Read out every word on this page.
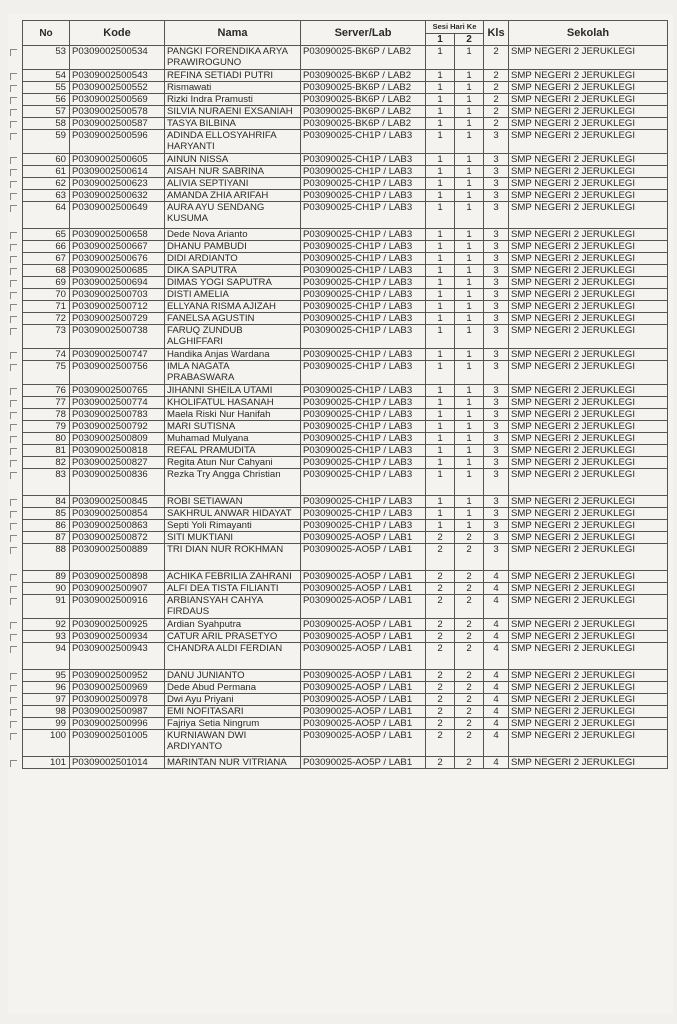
No	Kode	Nama	Server/Lab	Sesi Hari Ke		Kls	Sekolah
				1	2		
53	P0309002500534	PANGKI FORENDIKA ARYA PRAWIROGUNO	P03090025-BK6P / LAB2	1	1	2	SMP NEGERI 2 JERUKLEGI
54	P0309002500543	REFINA SETIADI PUTRI	P03090025-BK6P / LAB2	1	1	2	SMP NEGERI 2 JERUKLEGI
55	P0309002500552	Rismawati	P03090025-BK6P / LAB2	1	1	2	SMP NEGERI 2 JERUKLEGI
56	P0309002500569	Rizki Indra Pramusti	P03090025-BK6P / LAB2	1	1	2	SMP NEGERI 2 JERUKLEGI
57	P0309002500578	SILVIA NURAENI EXSANIAH	P03090025-BK6P / LAB2	1	1	2	SMP NEGERI 2 JERUKLEGI
58	P0309002500587	TASYA BILBINA	P03090025-BK6P / LAB2	1	1	2	SMP NEGERI 2 JERUKLEGI
59	P0309002500596	ADINDA ELLOSYAHRIFA HARYANTI	P03090025-CH1P / LAB3	1	1	3	SMP NEGERI 2 JERUKLEGI
60	P0309002500605	AINUN NISSA	P03090025-CH1P / LAB3	1	1	3	SMP NEGERI 2 JERUKLEGI
61	P0309002500614	AISAH NUR SABRINA	P03090025-CH1P / LAB3	1	1	3	SMP NEGERI 2 JERUKLEGI
62	P0309002500623	ALIVIA SEPTIYANI	P03090025-CH1P / LAB3	1	1	3	SMP NEGERI 2 JERUKLEGI
63	P0309002500632	AMANDA ZHIA ARIFAH	P03090025-CH1P / LAB3	1	1	3	SMP NEGERI 2 JERUKLEGI
64	P0309002500649	AURA AYU SENDANG KUSUMA	P03090025-CH1P / LAB3	1	1	3	SMP NEGERI 2 JERUKLEGI
65	P0309002500658	Dede Nova Arianto	P03090025-CH1P / LAB3	1	1	3	SMP NEGERI 2 JERUKLEGI
66	P0309002500667	DHANU PAMBUDI	P03090025-CH1P / LAB3	1	1	3	SMP NEGERI 2 JERUKLEGI
67	P0309002500676	DIDI ARDIANTO	P03090025-CH1P / LAB3	1	1	3	SMP NEGERI 2 JERUKLEGI
68	P0309002500685	DIKA SAPUTRA	P03090025-CH1P / LAB3	1	1	3	SMP NEGERI 2 JERUKLEGI
69	P0309002500694	DIMAS YOGI SAPUTRA	P03090025-CH1P / LAB3	1	1	3	SMP NEGERI 2 JERUKLEGI
70	P0309002500703	DISTI AMELIA	P03090025-CH1P / LAB3	1	1	3	SMP NEGERI 2 JERUKLEGI
71	P0309002500712	ELLYANA RISMA AJIZAH	P03090025-CH1P / LAB3	1	1	3	SMP NEGERI 2 JERUKLEGI
72	P0309002500729	FANELSA AGUSTIN	P03090025-CH1P / LAB3	1	1	3	SMP NEGERI 2 JERUKLEGI
73	P0309002500738	FARUQ ZUNDUB ALGHIFFARI	P03090025-CH1P / LAB3	1	1	3	SMP NEGERI 2 JERUKLEGI
74	P0309002500747	Handika Anjas Wardana	P03090025-CH1P / LAB3	1	1	3	SMP NEGERI 2 JERUKLEGI
75	P0309002500756	IMLA NAGATA PRABASWARA	P03090025-CH1P / LAB3	1	1	3	SMP NEGERI 2 JERUKLEGI
76	P0309002500765	JIHANNI SHEILA UTAMI	P03090025-CH1P / LAB3	1	1	3	SMP NEGERI 2 JERUKLEGI
77	P0309002500774	KHOLIFATUL HASANAH	P03090025-CH1P / LAB3	1	1	3	SMP NEGERI 2 JERUKLEGI
78	P0309002500783	Maela Riski Nur Hanifah	P03090025-CH1P / LAB3	1	1	3	SMP NEGERI 2 JERUKLEGI
79	P0309002500792	MARI SUTISNA	P03090025-CH1P / LAB3	1	1	3	SMP NEGERI 2 JERUKLEGI
80	P0309002500809	Muhamad Mulyana	P03090025-CH1P / LAB3	1	1	3	SMP NEGERI 2 JERUKLEGI
81	P0309002500818	REFAL PRAMUDITA	P03090025-CH1P / LAB3	1	1	3	SMP NEGERI 2 JERUKLEGI
82	P0309002500827	Regita Atun Nur Cahyani	P03090025-CH1P / LAB3	1	1	3	SMP NEGERI 2 JERUKLEGI
83	P0309002500836	Rezka Try Angga Christian	P03090025-CH1P / LAB3	1	1	3	SMP NEGERI 2 JERUKLEGI
84	P0309002500845	ROBI SETIAWAN	P03090025-CH1P / LAB3	1	1	3	SMP NEGERI 2 JERUKLEGI
85	P0309002500854	SAKHRUL ANWAR HIDAYAT	P03090025-CH1P / LAB3	1	1	3	SMP NEGERI 2 JERUKLEGI
86	P0309002500863	Septi Yoli Rimayanti	P03090025-CH1P / LAB3	1	1	3	SMP NEGERI 2 JERUKLEGI
87	P0309002500872	SITI MUKTIANI	P03090025-AO5P / LAB1	2	2	3	SMP NEGERI 2 JERUKLEGI
88	P0309002500889	TRI DIAN NUR ROKHMAN	P03090025-AO5P / LAB1	2	2	3	SMP NEGERI 2 JERUKLEGI
89	P0309002500898	ACHIKA FEBRILIA ZAHRANI	P03090025-AO5P / LAB1	2	2	4	SMP NEGERI 2 JERUKLEGI
90	P0309002500907	ALFI DEA TISTA FILIANTI	P03090025-AO5P / LAB1	2	2	4	SMP NEGERI 2 JERUKLEGI
91	P0309002500916	ARBIANSYAH CAHYA FIRDAUS	P03090025-AO5P / LAB1	2	2	4	SMP NEGERI 2 JERUKLEGI
92	P0309002500925	Ardian Syahputra	P03090025-AO5P / LAB1	2	2	4	SMP NEGERI 2 JERUKLEGI
93	P0309002500934	CATUR ARIL PRASETYO	P03090025-AO5P / LAB1	2	2	4	SMP NEGERI 2 JERUKLEGI
94	P0309002500943	CHANDRA ALDI FERDIAN	P03090025-AO5P / LAB1	2	2	4	SMP NEGERI 2 JERUKLEGI
95	P0309002500952	DANU JUNIANTO	P03090025-AO5P / LAB1	2	2	4	SMP NEGERI 2 JERUKLEGI
96	P0309002500969	Dede Abud Permana	P03090025-AO5P / LAB1	2	2	4	SMP NEGERI 2 JERUKLEGI
97	P0309002500978	Dwi Ayu Priyani	P03090025-AO5P / LAB1	2	2	4	SMP NEGERI 2 JERUKLEGI
98	P0309002500987	EMI NOFITASARI	P03090025-AO5P / LAB1	2	2	4	SMP NEGERI 2 JERUKLEGI
99	P0309002500996	Fajriya Setia Ningrum	P03090025-AO5P / LAB1	2	2	4	SMP NEGERI 2 JERUKLEGI
100	P0309002501005	KURNIAWAN DWI ARDIYANTO	P03090025-AO5P / LAB1	2	2	4	SMP NEGERI 2 JERUKLEGI
101	P0309002501014	MARINTAN NUR VITRIANA	P03090025-AO5P / LAB1	2	2	4	SMP NEGERI 2 JERUKLEGI
